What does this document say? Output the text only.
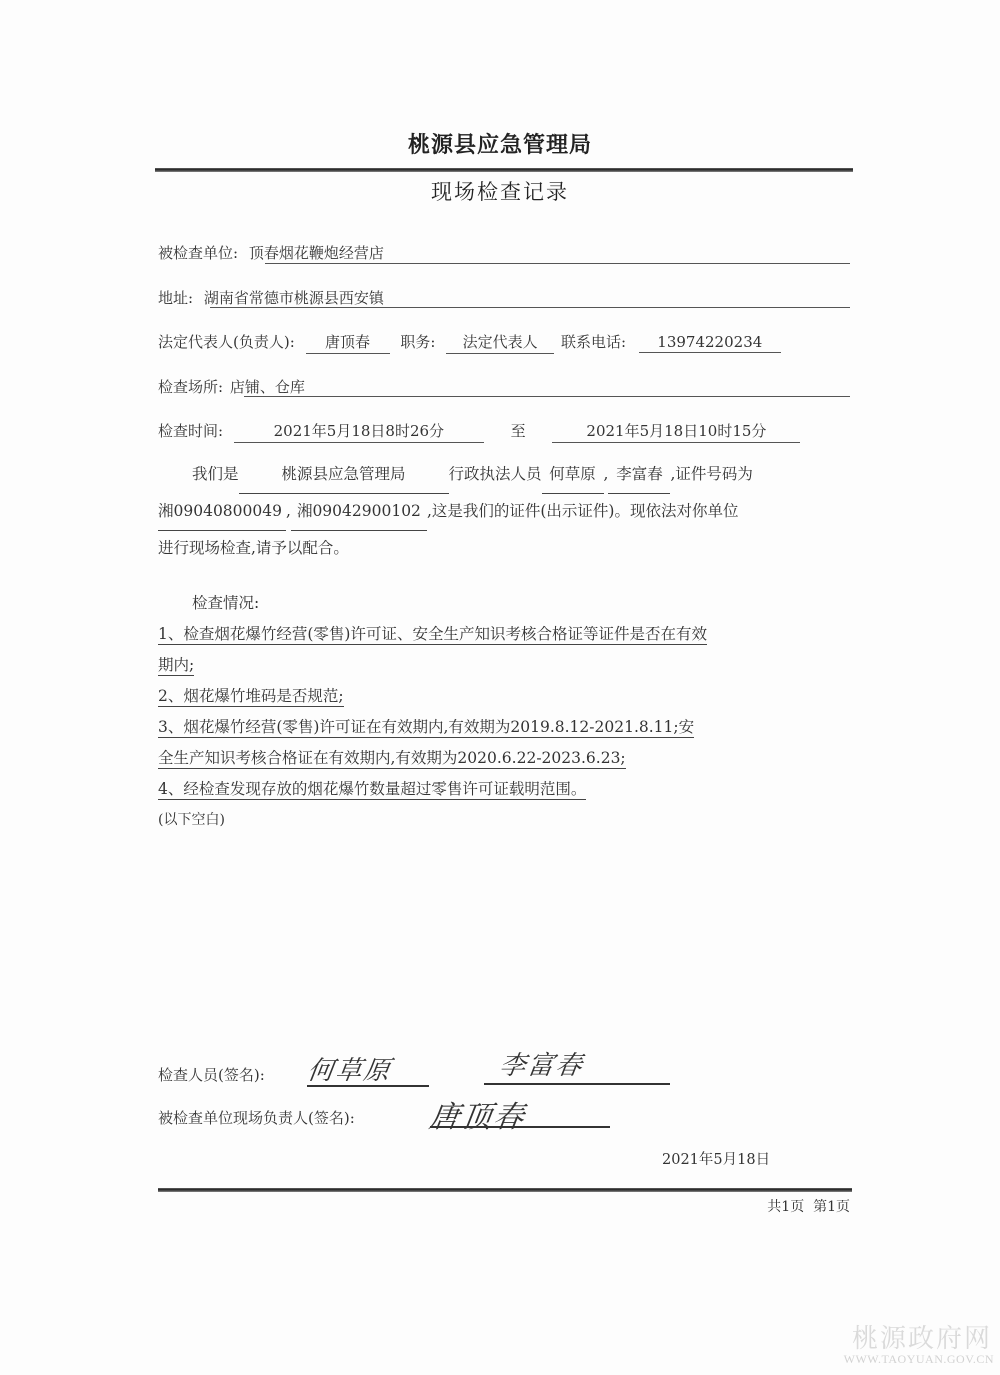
桃源县应急管理局
现场检查记录
被检查单位: 顶春烟花鞭炮经营店
地址: 湖南省常德市桃源县西安镇
法定代表人(负责人): 唐顶春 职务: 法定代表人 联系电话: 13974220234
检查场所: 店铺、仓库
检查时间:	2021年5月18日8时26分	至	2021年5月18日10时15分
我们是	桃源县应急管理局	行政执法人员 何草原 , 李富春 ,证件号码为
湘09040800049 , 湘09042900102 ,这是我们的证件(出示证件)。现依法对你单位
进行现场检查,请予以配合。
检查情况:
1、检查烟花爆竹经营(零售)许可证、安全生产知识考核合格证等证件是否在有效
期内;
2、烟花爆竹堆码是否规范;
3、烟花爆竹经营(零售)许可证在有效期内,有效期为2019.8.12-2021.8.11;安
全生产知识考核合格证在有效期内,有效期为2020.6.22-2023.6.23;
4、经检查发现存放的烟花爆竹数量超过零售许可证载明范围。
(以下空白)
检查人员(签名): 何草原	李富春
被检查单位现场负责人(签名): 唐顶春
2021年5月18日
共1页  第1页
桃源政府网
WWW.TAOYUAN.GOV.CN
